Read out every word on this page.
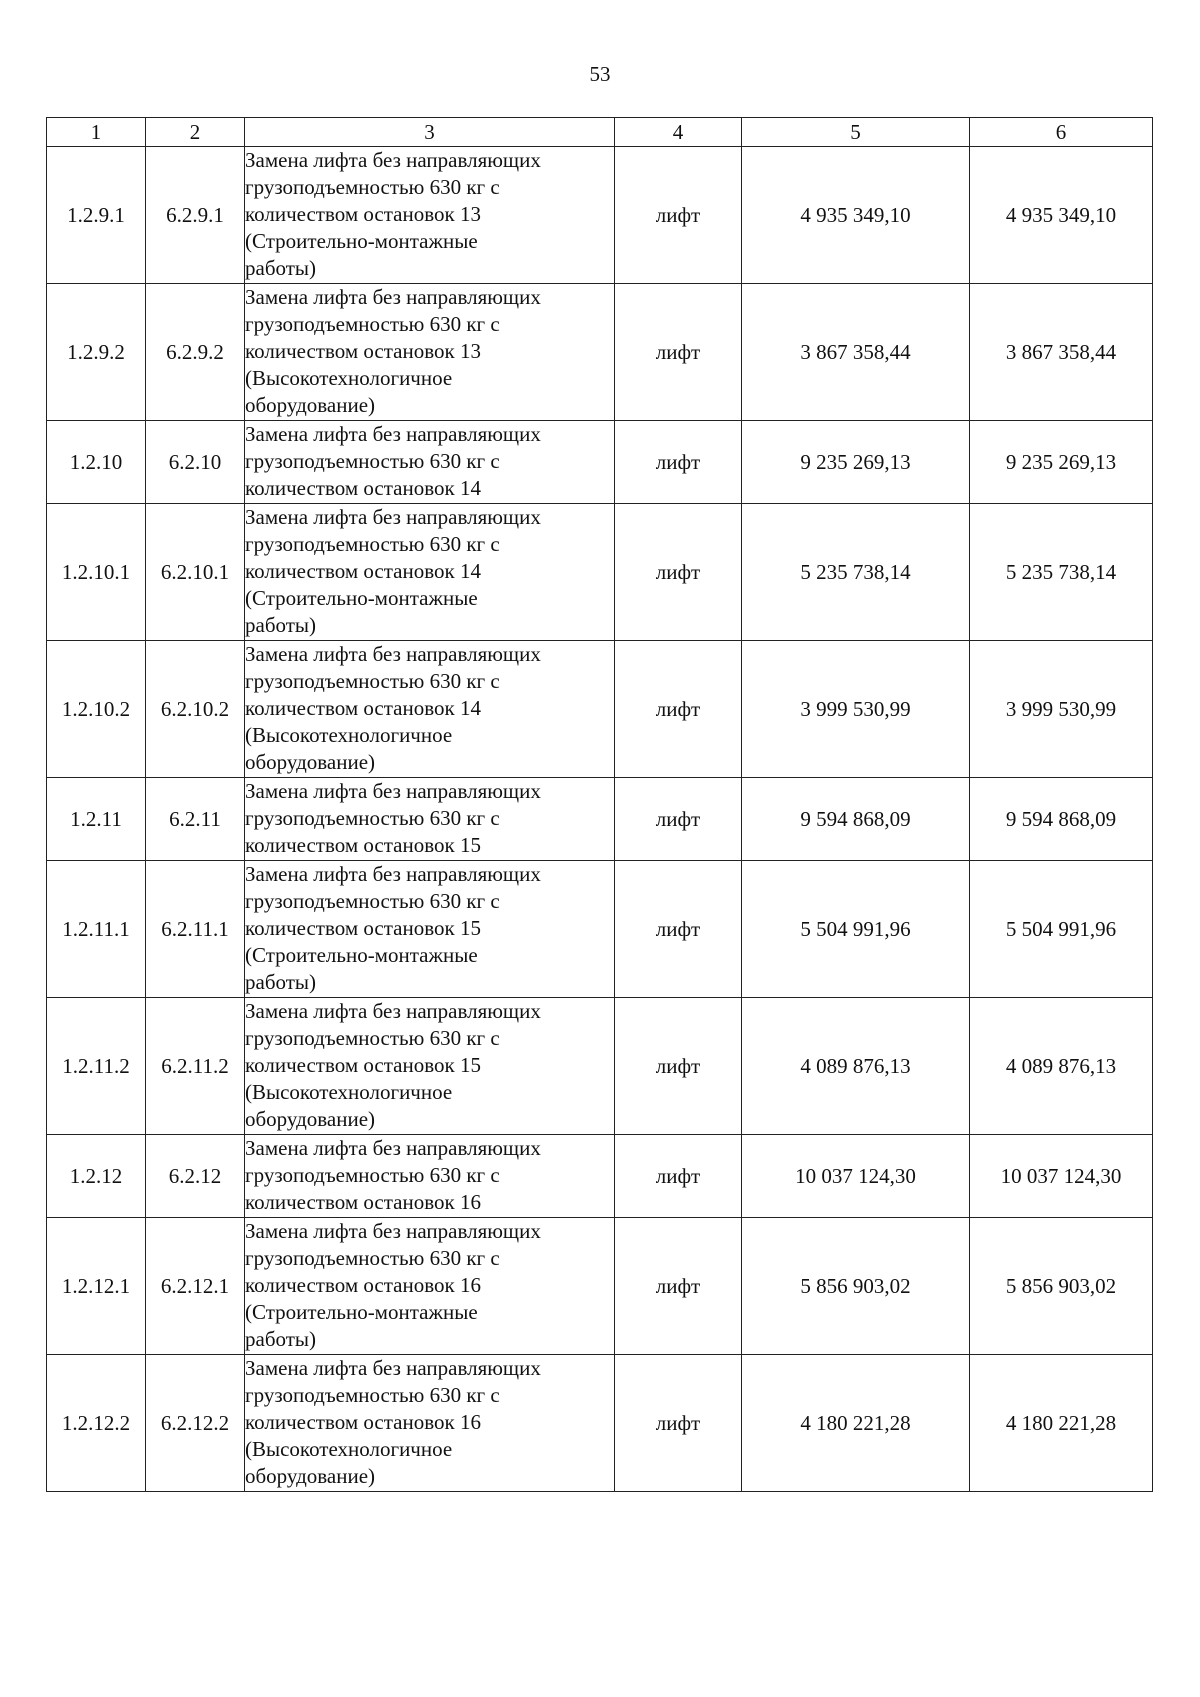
53
1	2	3	4	5	6
1.2.9.1	6.2.9.1	Замена лифта без направляющих
грузоподъемностью 630 кг с
количеством остановок 13
(Строительно-монтажные
работы)	лифт	4 935 349,10	4 935 349,10
1.2.9.2	6.2.9.2	Замена лифта без направляющих
грузоподъемностью 630 кг с
количеством остановок 13
(Высокотехнологичное
оборудование)	лифт	3 867 358,44	3 867 358,44
1.2.10	6.2.10	Замена лифта без направляющих
грузоподъемностью 630 кг с
количеством остановок 14	лифт	9 235 269,13	9 235 269,13
1.2.10.1	6.2.10.1	Замена лифта без направляющих
грузоподъемностью 630 кг с
количеством остановок 14
(Строительно-монтажные
работы)	лифт	5 235 738,14	5 235 738,14
1.2.10.2	6.2.10.2	Замена лифта без направляющих
грузоподъемностью 630 кг с
количеством остановок 14
(Высокотехнологичное
оборудование)	лифт	3 999 530,99	3 999 530,99
1.2.11	6.2.11	Замена лифта без направляющих
грузоподъемностью 630 кг с
количеством остановок 15	лифт	9 594 868,09	9 594 868,09
1.2.11.1	6.2.11.1	Замена лифта без направляющих
грузоподъемностью 630 кг с
количеством остановок 15
(Строительно-монтажные
работы)	лифт	5 504 991,96	5 504 991,96
1.2.11.2	6.2.11.2	Замена лифта без направляющих
грузоподъемностью 630 кг с
количеством остановок 15
(Высокотехнологичное
оборудование)	лифт	4 089 876,13	4 089 876,13
1.2.12	6.2.12	Замена лифта без направляющих
грузоподъемностью 630 кг с
количеством остановок 16	лифт	10 037 124,30	10 037 124,30
1.2.12.1	6.2.12.1	Замена лифта без направляющих
грузоподъемностью 630 кг с
количеством остановок 16
(Строительно-монтажные
работы)	лифт	5 856 903,02	5 856 903,02
1.2.12.2	6.2.12.2	Замена лифта без направляющих
грузоподъемностью 630 кг с
количеством остановок 16
(Высокотехнологичное
оборудование)	лифт	4 180 221,28	4 180 221,28
